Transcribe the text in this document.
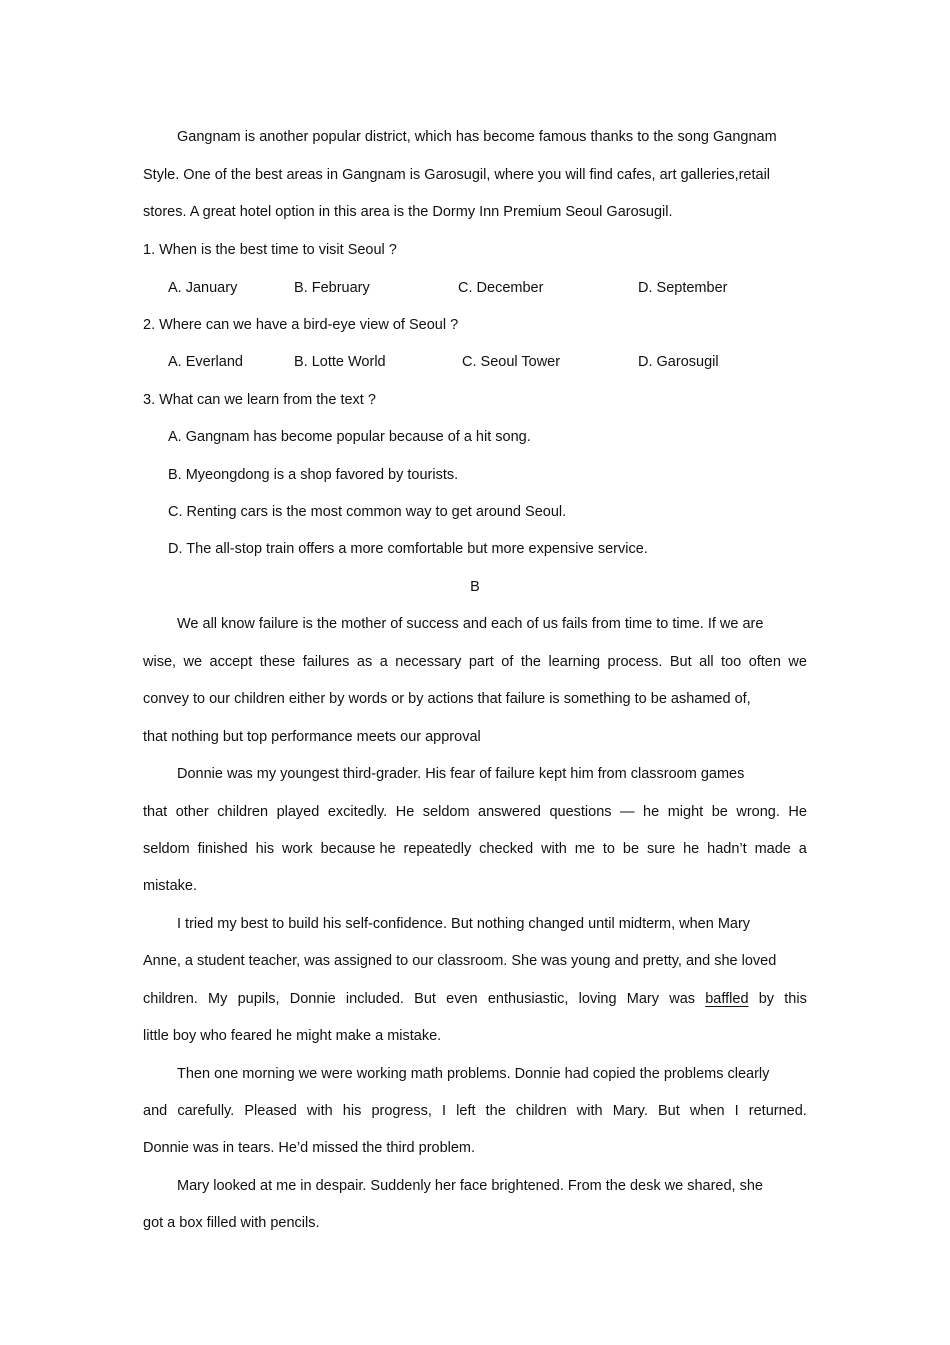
Gangnam is another popular district, which has become famous thanks to the song Gangnam
Style. One of the best areas in Gangnam is Garosugil, where you will find cafes, art galleries,retail
stores. A great hotel option in this area is the Dormy Inn Premium Seoul Garosugil.
1. When is the best time to visit Seoul ?
A. January	B. February	C. December	D. September
2. Where can we have a bird-eye view of Seoul ?
A. Everland	B. Lotte World	C. Seoul Tower	D. Garosugil
3. What can we learn from the text ?
A. Gangnam has become popular because of a hit song.
B. Myeongdong is a shop favored by tourists.
C. Renting cars is the most common way to get around Seoul.
D. The all-stop train offers a more comfortable but more expensive service.
B
We all know failure is the mother of success and each of us fails from time to time. If we are
wise, we accept these failures as a necessary part of the learning process. But all too often we
convey to our children either by words or by actions that failure is something to be ashamed of,
that nothing but top performance meets our approval
Donnie was my youngest third-grader. His fear of failure kept him from classroom games
that other children played excitedly. He seldom answered questions — he might be wrong. He
seldom finished his work because he repeatedly checked with me to be sure he hadn’t made a
mistake.
I tried my best to build his self-confidence. But nothing changed until midterm, when Mary
Anne, a student teacher, was assigned to our classroom. She was young and pretty, and she loved
children. My pupils, Donnie included. But even enthusiastic, loving Mary was baffled by this
little boy who feared he might make a mistake.
Then one morning we were working math problems. Donnie had copied the problems clearly
and carefully. Pleased with his progress, I left the children with Mary. But when I returned.
Donnie was in tears. He’d missed the third problem.
Mary looked at me in despair. Suddenly her face brightened. From the desk we shared, she
got a box filled with pencils.
